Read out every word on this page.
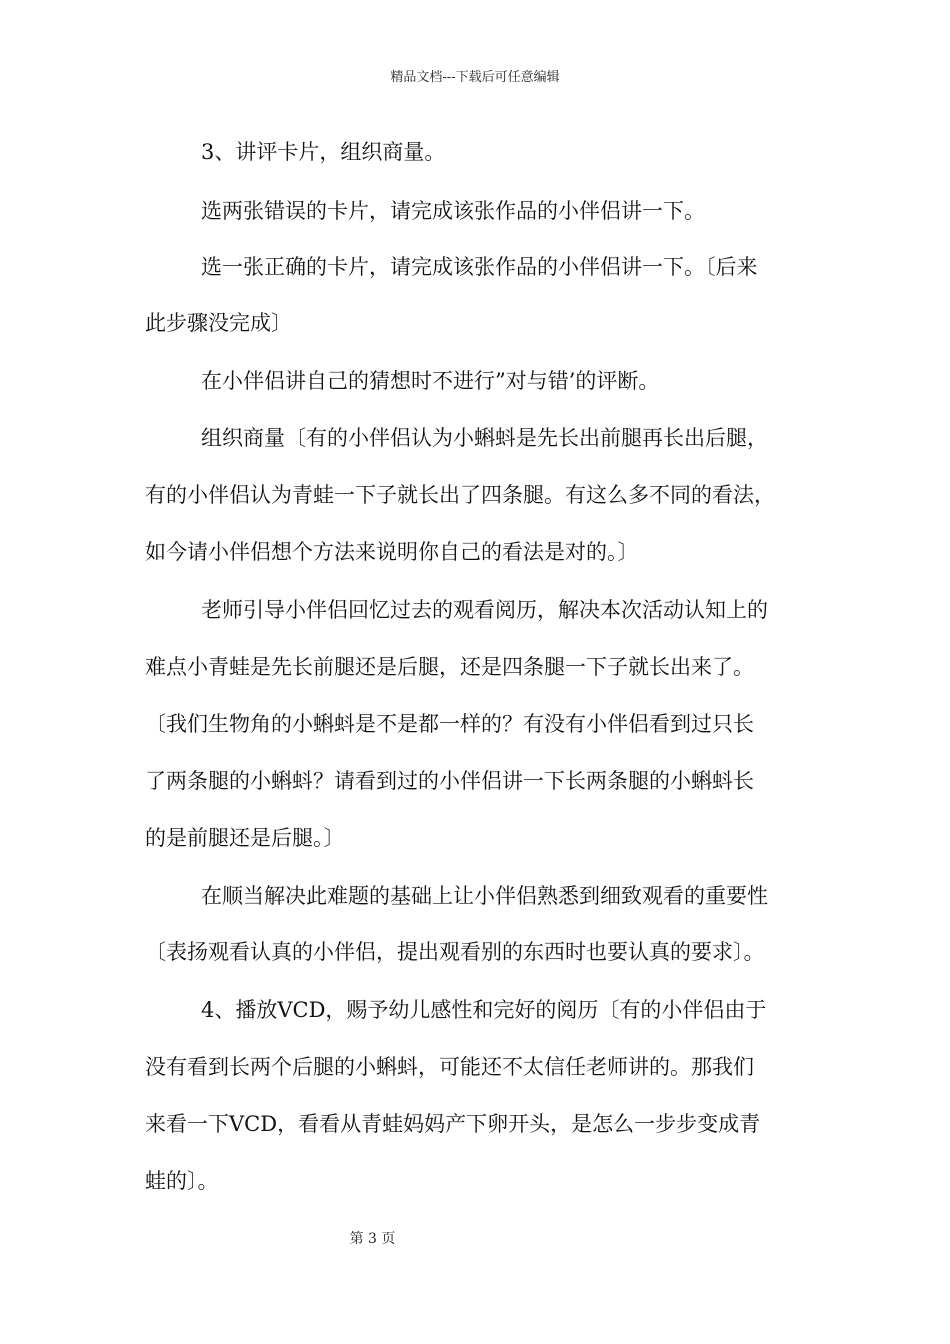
精品文档---下载后可任意编辑
3、讲评卡片，组织商量。
选两张错误的卡片，请完成该张作品的小伴侣讲一下。
选一张正确的卡片，请完成该张作品的小伴侣讲一下。〔后来
此步骤没完成〕
在小伴侣讲自己的猜想时不进行”对与错’的评断。
组织商量〔有的小伴侣认为小蝌蚪是先长出前腿再长出后腿，
有的小伴侣认为青蛙一下子就长出了四条腿。有这么多不同的看法，
如今请小伴侣想个方法来说明你自己的看法是对的。〕
老师引导小伴侣回忆过去的观看阅历，解决本次活动认知上的
难点小青蛙是先长前腿还是后腿，还是四条腿一下子就长出来了。
〔我们生物角的小蝌蚪是不是都一样的？有没有小伴侣看到过只长
了两条腿的小蝌蚪？请看到过的小伴侣讲一下长两条腿的小蝌蚪长
的是前腿还是后腿。〕
在顺当解决此难题的基础上让小伴侣熟悉到细致观看的重要性
〔表扬观看认真的小伴侣，提出观看别的东西时也要认真的要求〕。
4、播放VCD，赐予幼儿感性和完好的阅历〔有的小伴侣由于
没有看到长两个后腿的小蝌蚪，可能还不太信任老师讲的。那我们
来看一下VCD，看看从青蛙妈妈产下卵开头，是怎么一步步变成青
蛙的〕。
第 3 页
